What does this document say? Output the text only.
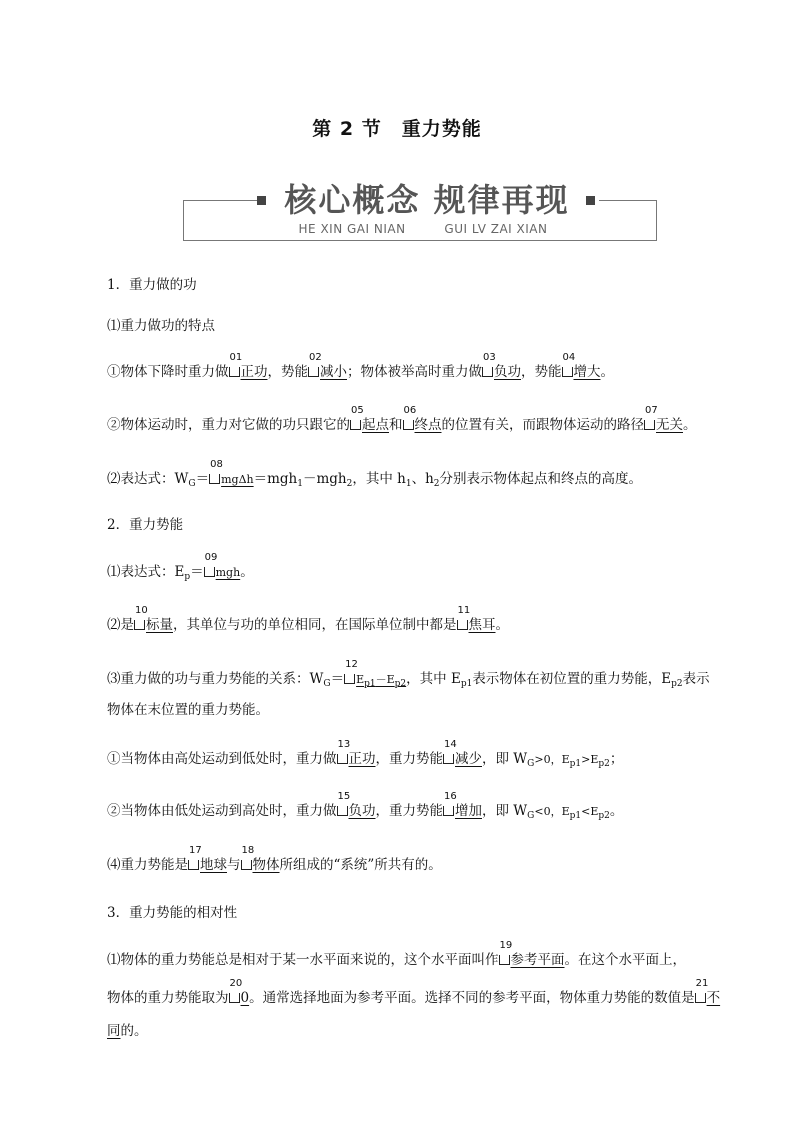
第 2 节　重力势能
核心概念 规律再现
HE XIN GAI NIAN         GUI LV ZAI XIAN
1．重力做的功
⑴重力做功的特点
①物体下降时重力做
01
正功，势能
02
减小；物体被举高时重力做
03
负功，势能
04
增大。
②物体运动时，重力对它做的功只跟它的
05
起点和
06
终点的位置有关，而跟物体运动的路径
07
无关。
⑵表达式：$W_G=$
08
mgΔh＝mgh$_1$－mgh$_2$，其中 $h_1$、$h_2$分别表示物体起点和终点的高度。
2．重力势能
⑴表达式：$E_p=$
09
mgh。
⑵是
10
标量，其单位与功的单位相同，在国际单位制中都是
11
焦耳。
⑶重力做的功与重力势能的关系：$W_G=$
12
$E_{p1}-E_{p2}$，其中 $E_{p1}$表示物体在初位置的重力势能，$E_{p2}$表示
物体在末位置的重力势能。
①当物体由高处运动到低处时，重力做
13
正功，重力势能
14
减少，即 $W_G>0$，$E_{p1}>E_{p2}$；
②当物体由低处运动到高处时，重力做
15
负功，重力势能
16
增加，即 $W_G<0$，$E_{p1}<E_{p2}$。
⑷重力势能是
17
地球与
18
物体所组成的“系统”所共有的。
3．重力势能的相对性
⑴物体的重力势能总是相对于某一水平面来说的，这个水平面叫作
19
参考平面。在这个水平面上，
物体的重力势能取为
20
0。通常选择地面为参考平面。选择不同的参考平面，物体重力势能的数值是
21
不
同的。
